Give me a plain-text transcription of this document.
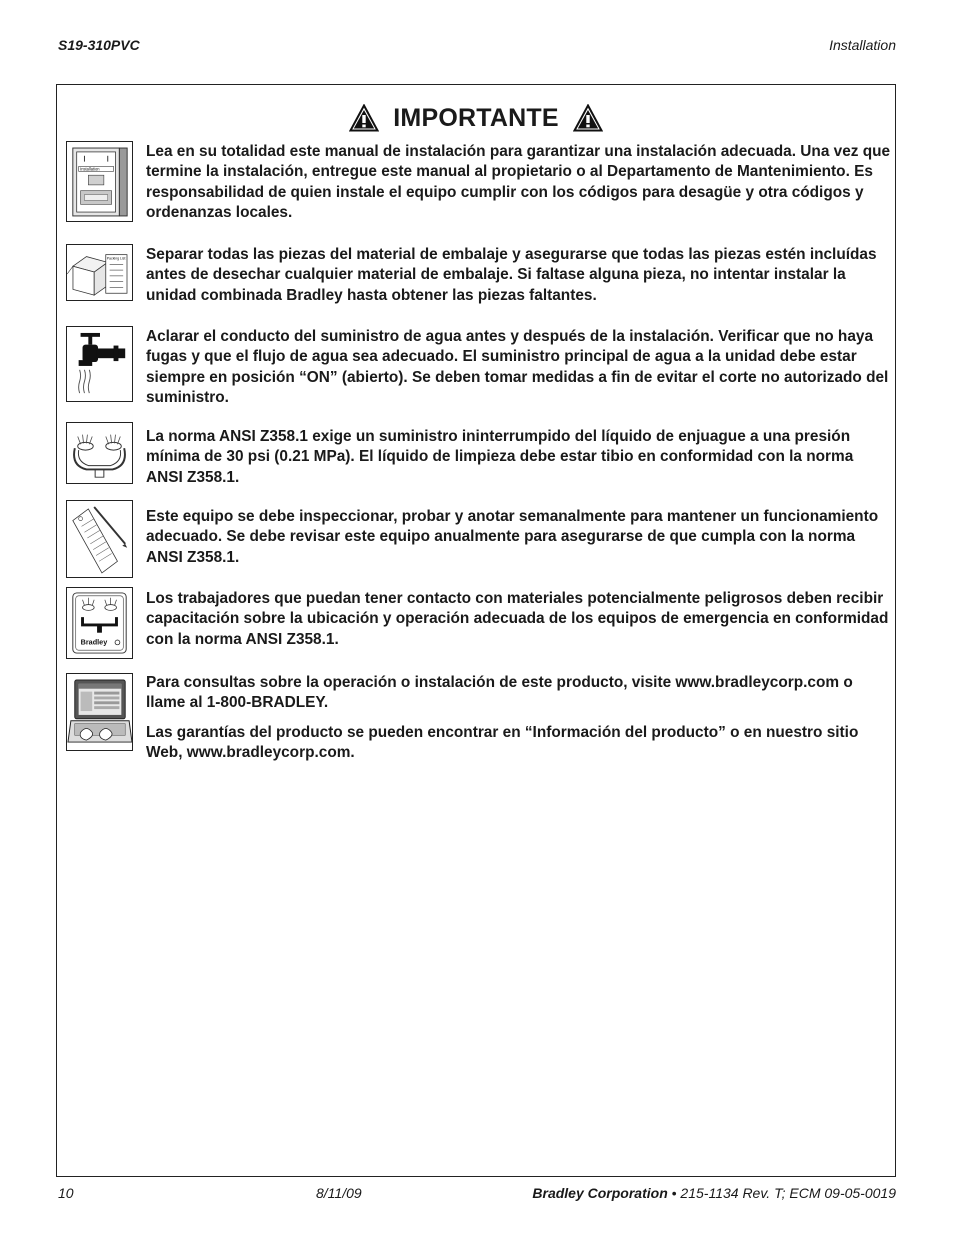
S19-310PVC	Installation
IMPORTANTE
Installation
Lea en su totalidad este manual de instalación para garantizar una instalación adecuada. Una vez que termine la instalación, entregue este manual al propietario o al Departamento de Mantenimiento. Es responsabilidad de quien instale el equipo cumplir con los códigos para desagüe y otra códigos y ordenanzas locales.
Packing List Separar todas las piezas del material de embalaje y asegurarse que todas las piezas estén incluídas antes de desechar cualquier material de embalaje. Si faltase alguna pieza, no intentar instalar la unidad combinada Bradley hasta obtener las piezas faltantes.
Aclarar el conducto del suministro de agua antes y después de la instalación. Verificar que no haya fugas y que el flujo de agua sea adecuado. El suministro principal de agua a la unidad debe estar siempre en posición “ON” (abierto). Se deben tomar medidas a fin de evitar el corte no autorizado del suministro.
La norma ANSI Z358.1 exige un suministro ininterrumpido del líquido de enjuague a una presión mínima de 30 psi (0.21 MPa). El líquido de limpieza debe estar tibio en conformidad con la norma ANSI Z358.1.
Este equipo se debe inspeccionar, probar y anotar semanalmente para mantener un funcionamiento adecuado. Se debe revisar este equipo anualmente para asegurarse de que cumpla con la norma ANSI Z358.1.
Bradley
Los trabajadores que puedan tener contacto con materiales potencialmente peligrosos deben recibir capacitación sobre la ubicación y operación adecuada de los equipos de emergencia en conformidad con la norma ANSI Z358.1.
Para consultas sobre la operación o instalación de este producto, visite www.bradleycorp.com o llame al 1-800-BRADLEY.
Las garantías del producto se pueden encontrar en “Información del producto” o en nuestro sitio Web, www.bradleycorp.com.
10	8/11/09	Bradley Corporation • 215-1134 Rev. T; ECM 09-05-0019
